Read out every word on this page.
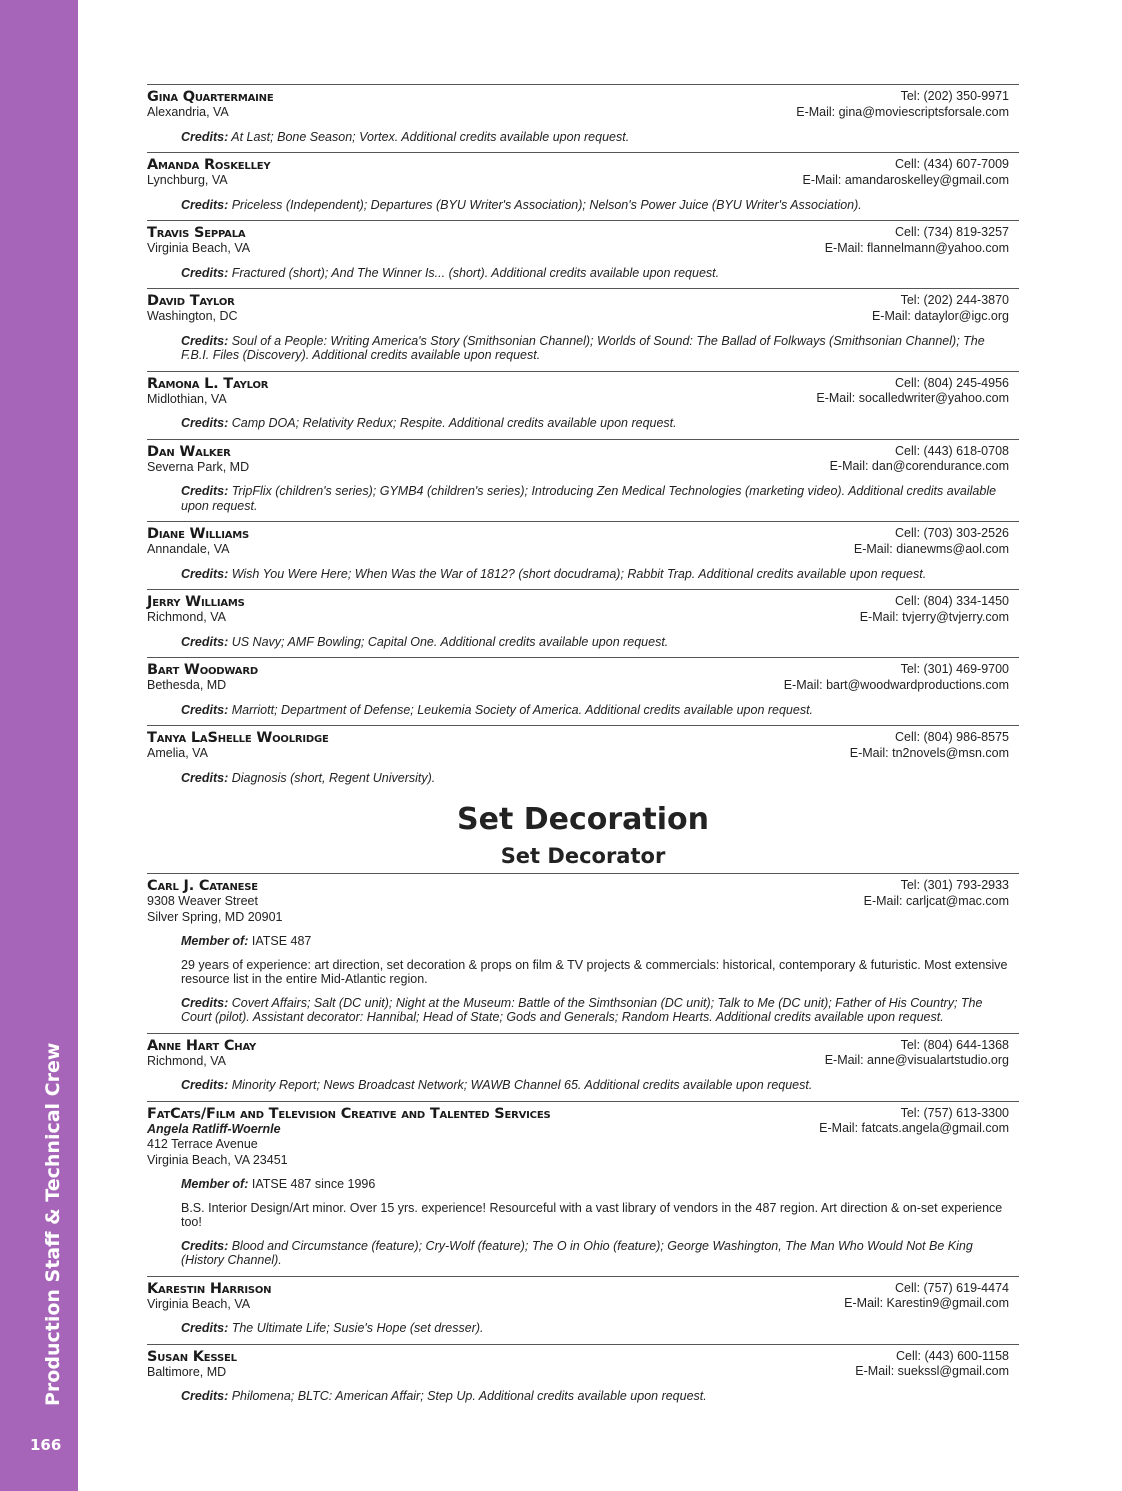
Production Staff & Technical Crew
166
Gina Quartermaine
Alexandria, VA
Tel: (202) 350-9971
E-Mail: gina@moviescriptsforsale.com

Credits: At Last; Bone Season; Vortex. Additional credits available upon request.

Amanda Roskelley
Lynchburg, VA
Cell: (434) 607-7009
E-Mail: amandaroskelley@gmail.com

Credits: Priceless (Independent); Departures (BYU Writer's Association); Nelson's Power Juice (BYU Writer's Association).

Travis Seppala
Virginia Beach, VA
Cell: (734) 819-3257
E-Mail: flannelmann@yahoo.com

Credits: Fractured (short); And The Winner Is... (short). Additional credits available upon request.

David Taylor
Washington, DC
Tel: (202) 244-3870
E-Mail: dataylor@igc.org

Credits: Soul of a People: Writing America's Story (Smithsonian Channel); Worlds of Sound: The Ballad of Folkways (Smithsonian Channel); The F.B.I. Files (Discovery). Additional credits available upon request.

Ramona L. Taylor
Midlothian, VA
Cell: (804) 245-4956
E-Mail: socalledwriter@yahoo.com

Credits: Camp DOA; Relativity Redux; Respite. Additional credits available upon request.

Dan Walker
Severna Park, MD
Cell: (443) 618-0708
E-Mail: dan@corendurance.com

Credits: TripFlix (children's series); GYMB4 (children's series); Introducing Zen Medical Technologies (marketing video). Additional credits available upon request.

Diane Williams
Annandale, VA
Cell: (703) 303-2526
E-Mail: dianewms@aol.com

Credits: Wish You Were Here; When Was the War of 1812? (short docudrama); Rabbit Trap. Additional credits available upon request.

Jerry Williams
Richmond, VA
Cell: (804) 334-1450
E-Mail: tvjerry@tvjerry.com

Credits: US Navy; AMF Bowling; Capital One. Additional credits available upon request.

Bart Woodward
Bethesda, MD
Tel: (301) 469-9700
E-Mail: bart@woodwardproductions.com

Credits: Marriott; Department of Defense; Leukemia Society of America. Additional credits available upon request.

Tanya LaShelle Woolridge
Amelia, VA
Cell: (804) 986-8575
E-Mail: tn2novels@msn.com

Credits: Diagnosis (short, Regent University).

Set Decoration
Set Decorator
Carl J. Catanese
9308 Weaver Street
Silver Spring, MD 20901
Tel: (301) 793-2933
E-Mail: carljcat@mac.com

Member of: IATSE 487

29 years of experience: art direction, set decoration & props on film & TV projects & commercials: historical, contemporary & futuristic. Most extensive resource list in the entire Mid-Atlantic region.

Credits: Covert Affairs; Salt (DC unit); Night at the Museum: Battle of the Simthsonian (DC unit); Talk to Me (DC unit); Father of His Country; The Court (pilot). Assistant decorator: Hannibal; Head of State; Gods and Generals; Random Hearts. Additional credits available upon request.

Anne Hart Chay
Richmond, VA
Tel: (804) 644-1368
E-Mail: anne@visualartstudio.org

Credits: Minority Report; News Broadcast Network; WAWB Channel 65. Additional credits available upon request.

FatCats/Film and Television Creative and Talented Services
Angela Ratliff-Woernle
412 Terrace Avenue
Virginia Beach, VA 23451
Tel: (757) 613-3300
E-Mail: fatcats.angela@gmail.com

Member of: IATSE 487 since 1996

B.S. Interior Design/Art minor. Over 15 yrs. experience! Resourceful with a vast library of vendors in the 487 region. Art direction & on-set experience too!

Credits: Blood and Circumstance (feature); Cry-Wolf (feature); The O in Ohio (feature); George Washington, The Man Who Would Not Be King (History Channel).

Karestin Harrison
Virginia Beach, VA
Cell: (757) 619-4474
E-Mail: Karestin9@gmail.com

Credits: The Ultimate Life; Susie's Hope (set dresser).

Susan Kessel
Baltimore, MD
Cell: (443) 600-1158
E-Mail: suekssl@gmail.com

Credits: Philomena; BLTC: American Affair; Step Up. Additional credits available upon request.
